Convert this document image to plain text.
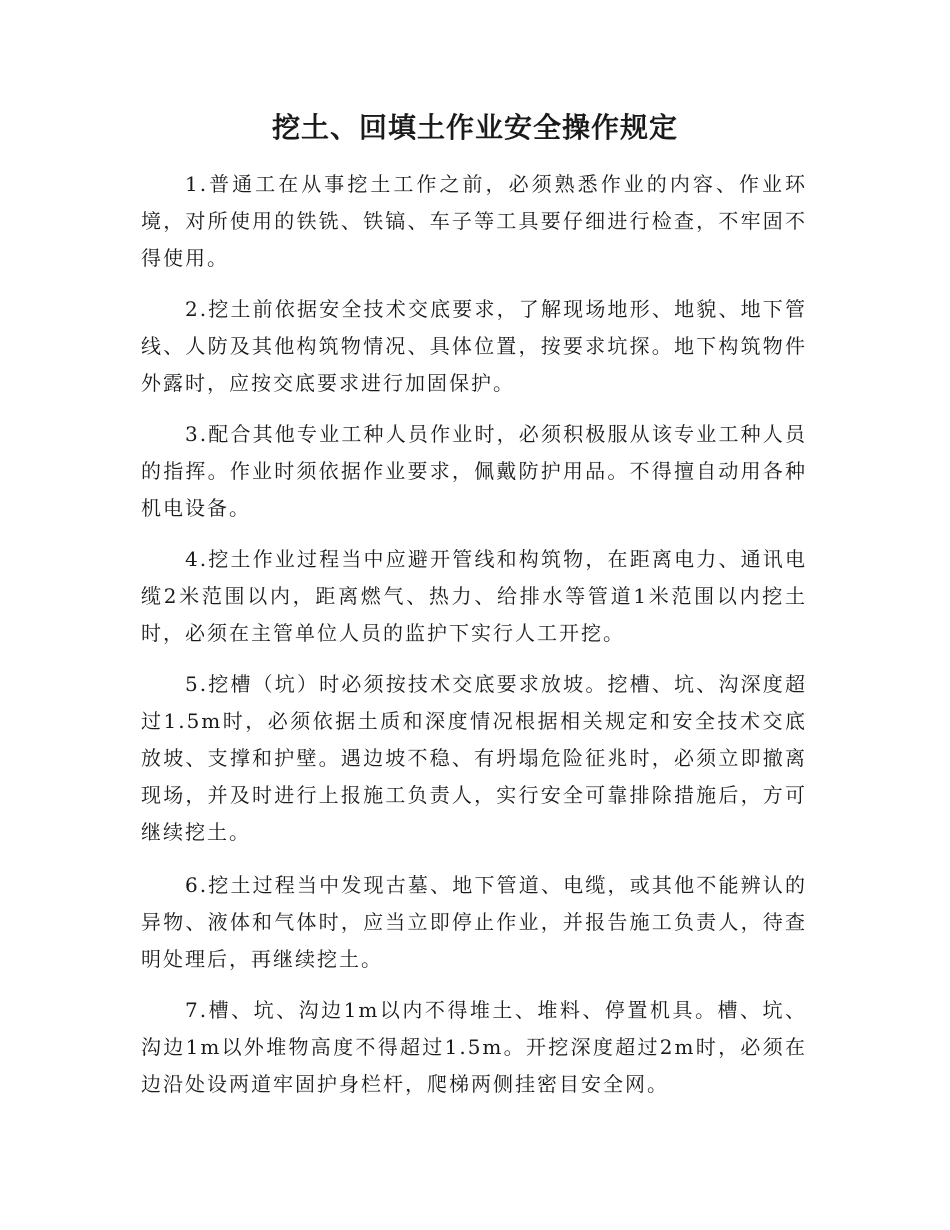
挖土、回填土作业安全操作规定

1.普通工在从事挖土工作之前，必须熟悉作业的内容、作业环境，对所使用的铁铣、铁镐、车子等工具要仔细进行检查，不牢固不得使用。

2.挖土前依据安全技术交底要求，了解现场地形、地貌、地下管线、人防及其他构筑物情况、具体位置，按要求坑探。地下构筑物件外露时，应按交底要求进行加固保护。

3.配合其他专业工种人员作业时，必须积极服从该专业工种人员的指挥。作业时须依据作业要求，佩戴防护用品。不得擅自动用各种机电设备。

4.挖土作业过程当中应避开管线和构筑物，在距离电力、通讯电缆2米范围以内，距离燃气、热力、给排水等管道1米范围以内挖土时，必须在主管单位人员的监护下实行人工开挖。

5.挖槽（坑）时必须按技术交底要求放坡。挖槽、坑、沟深度超过1.5m时，必须依据土质和深度情况根据相关规定和安全技术交底放坡、支撑和护壁。遇边坡不稳、有坍塌危险征兆时，必须立即撤离现场，并及时进行上报施工负责人，实行安全可靠排除措施后，方可继续挖土。

6.挖土过程当中发现古墓、地下管道、电缆，或其他不能辨认的异物、液体和气体时，应当立即停止作业，并报告施工负责人，待查明处理后，再继续挖土。

7.槽、坑、沟边1m以内不得堆土、堆料、停置机具。槽、坑、沟边1m以外堆物高度不得超过1.5m。开挖深度超过2m时，必须在边沿处设两道牢固护身栏杆，爬梯两侧挂密目安全网。
